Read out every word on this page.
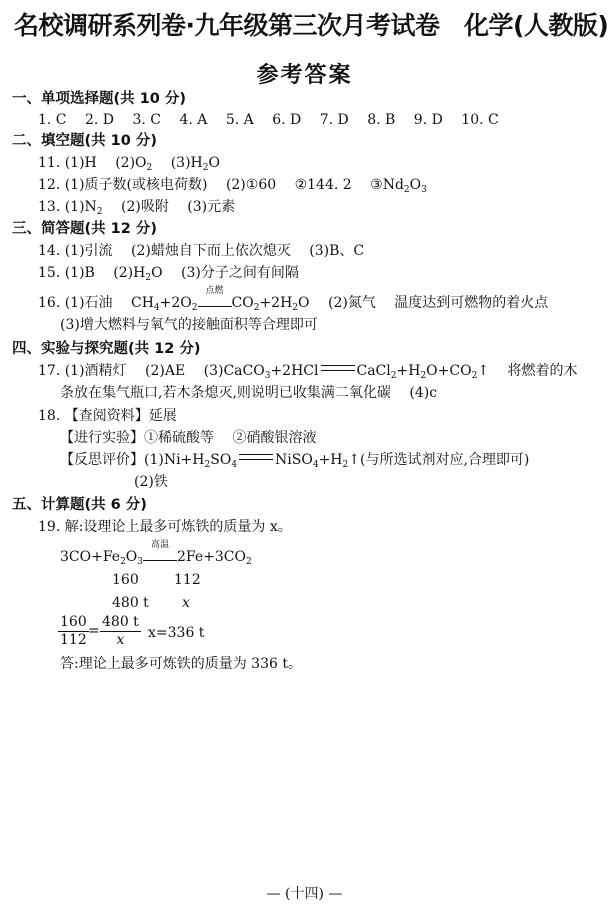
名校调研系列卷·九年级第三次月考试卷　化学(人教版)
参考答案
一、单项选择题(共 10 分)
1. C 2. D 3. C 4. A 5. A 6. D 7. D 8. B 9. D 10. C
二、填空题(共 10 分)
11. (1)H $(2)O_2$ $(3)H_2O$
12. (1)质子数(或核电荷数) (2)①60 ②144. 2 $③Nd_2O_3$
13. $(1)N_2$ (2)吸附 (3)元素
三、简答题(共 12 分)
14. (1)引流 (2)蜡烛自下而上依次熄灭 (3)B、C
15. (1)B $(2)H_2O$ (3)分子之间有间隔
16. (1)石油 $CH_4+2O_2$
点燃
$CO_2+2H_2O$ (2)氮气 温度达到可燃物的着火点
(3)增大燃料与氧气的接触面积等合理即可
四、实验与探究题(共 12 分)
17. (1)酒精灯 (2)AE (3)CaCO$_3$+2HCl	$CaCl_2+H_2O+CO_2↑$ 将燃着的木
条放在集气瓶口,若木条熄灭,则说明已收集满二氧化碳 (4)c
18. 【查阅资料】延展
【进行实验】①稀硫酸等 ②硝酸银溶液
【反思评价】$(1)Ni+H_2SO_4$	$NiSO_4+H_2↑$(与所选试剂对应,合理即可)
(2)铁
五、计算题(共 6 分)
19. 解:设理论上最多可炼铁的质量为 x。
$3CO+Fe_2O_3$
高温
$2Fe+3CO_2$
160	112
480 t x
$\frac{160}{112} = \frac{480 t}{x} x=336$ t
答:理论上最多可炼铁的质量为 336 t。
— (十四) —
